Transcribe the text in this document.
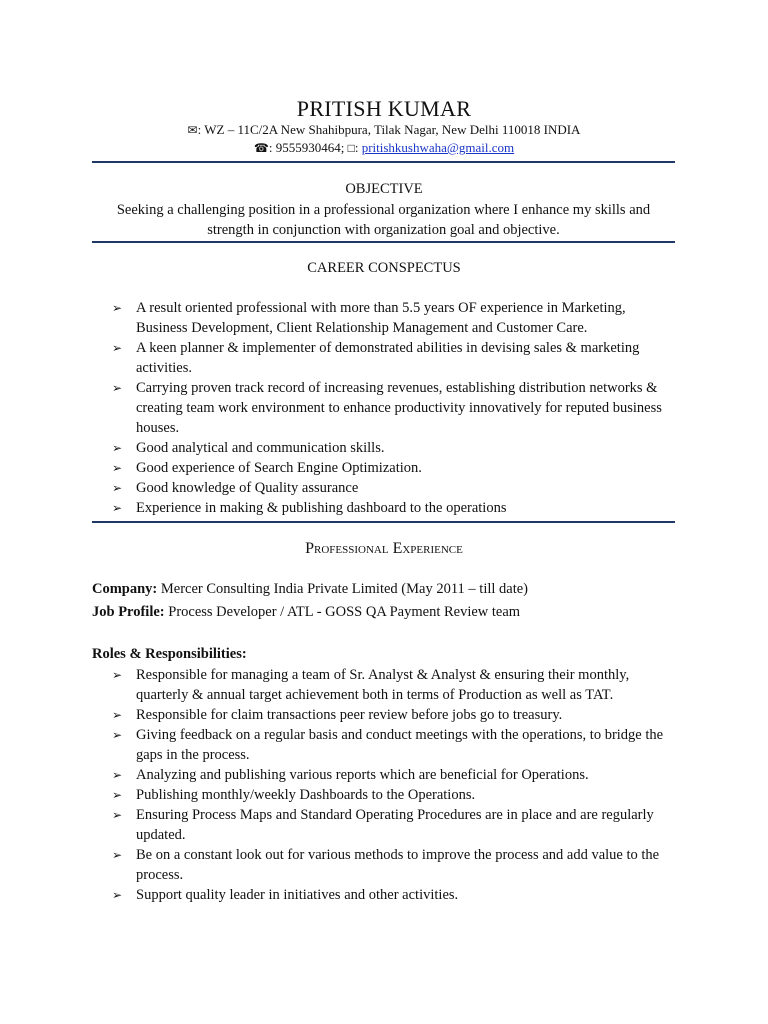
PRITISH KUMAR
✉: WZ – 11C/2A New Shahibpura, Tilak Nagar, New Delhi 110018 INDIA
☎: 9555930464; □: pritishkushwaha@gmail.com
OBJECTIVE
Seeking a challenging position in a professional organization where I enhance my skills and strength in conjunction with organization goal and objective.
CAREER CONSPECTUS
➢ A result oriented professional with more than 5.5 years OF experience in Marketing, Business Development, Client Relationship Management and Customer Care.
➢ A keen planner & implementer of demonstrated abilities in devising sales & marketing activities.
➢ Carrying proven track record of increasing revenues, establishing distribution networks & creating team work environment to enhance productivity innovatively for reputed business houses.
➢ Good analytical and communication skills.
➢ Good experience of Search Engine Optimization.
➢ Good knowledge of Quality assurance
➢ Experience in making & publishing dashboard to the operations
Professional Experience
Company: Mercer Consulting India Private Limited (May 2011 – till date)
Job Profile: Process Developer / ATL - GOSS QA Payment Review team
Roles & Responsibilities:
➢ Responsible for managing a team of Sr. Analyst & Analyst & ensuring their monthly, quarterly & annual target achievement both in terms of Production as well as TAT.
➢ Responsible for claim transactions peer review before jobs go to treasury.
➢ Giving feedback on a regular basis and conduct meetings with the operations, to bridge the gaps in the process.
➢ Analyzing and publishing various reports which are beneficial for Operations.
➢ Publishing monthly/weekly Dashboards to the Operations.
➢ Ensuring Process Maps and Standard Operating Procedures are in place and are regularly updated.
➢ Be on a constant look out for various methods to improve the process and add value to the process.
➢ Support quality leader in initiatives and other activities.
